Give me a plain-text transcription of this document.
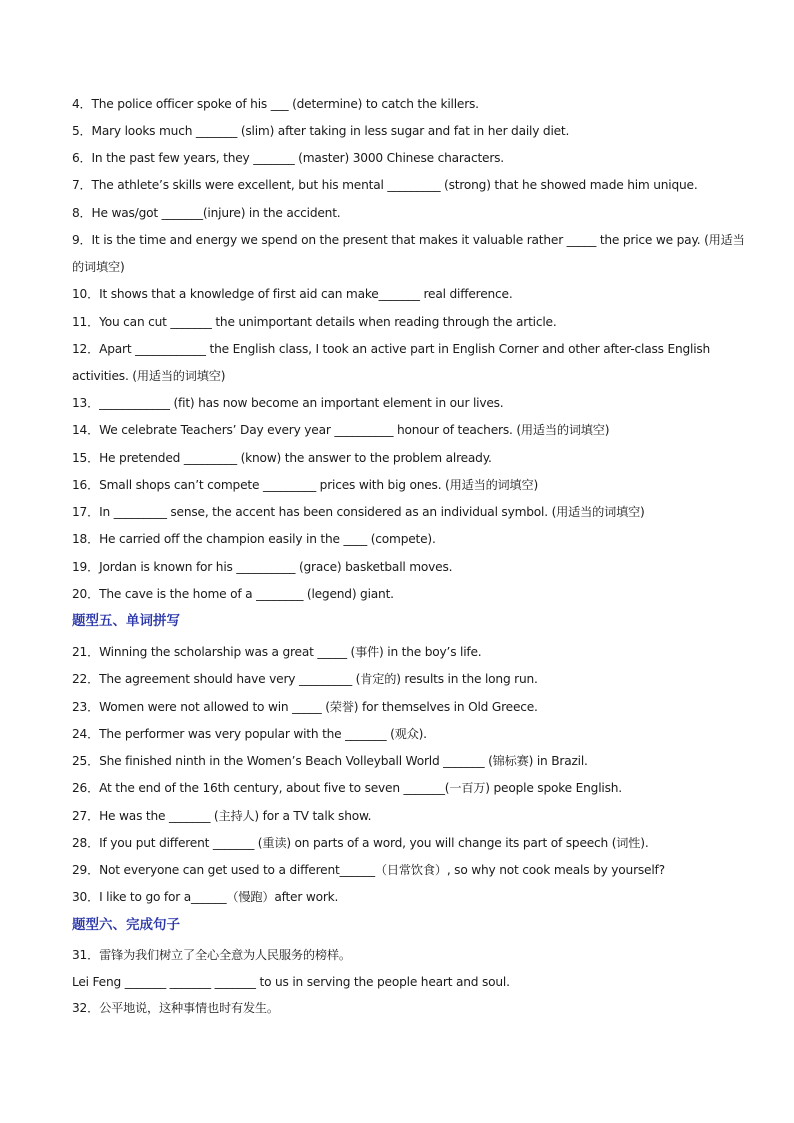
4．The police officer spoke of his ___ (determine) to catch the killers.
5．Mary looks much _______ (slim) after taking in less sugar and fat in her daily diet.
6．In the past few years, they _______ (master) 3000 Chinese characters.
7．The athlete’s skills were excellent, but his mental _________ (strong) that he showed made him unique.
8．He was/got _______(injure) in the accident.
9．It is the time and energy we spend on the present that makes it valuable rather _____ the price we pay. (用适当
的词填空)
10．It shows that a knowledge of first aid can make_______ real difference.
11．You can cut _______ the unimportant details when reading through the article.
12．Apart ____________ the English class, I took an active part in English Corner and other after-class English
activities. (用适当的词填空)
13．____________ (fit) has now become an important element in our lives.
14．We celebrate Teachers’ Day every year __________ honour of teachers. (用适当的词填空)
15．He pretended _________ (know) the answer to the problem already.
16．Small shops can’t compete _________ prices with big ones. (用适当的词填空)
17．In _________ sense, the accent has been considered as an individual symbol. (用适当的词填空)
18．He carried off the champion easily in the ____ (compete).
19．Jordan is known for his __________ (grace) basketball moves.
20．The cave is the home of a ________ (legend) giant.
题型五、单词拼写
21．Winning the scholarship was a great _____ (事件) in the boy’s life.
22．The agreement should have very _________ (肯定的) results in the long run.
23．Women were not allowed to win _____ (荣誉) for themselves in Old Greece.
24．The performer was very popular with the _______ (观众).
25．She finished ninth in the Women’s Beach Volleyball World _______ (锦标赛) in Brazil.
26．At the end of the 16th century, about five to seven _______(一百万) people spoke English.
27．He was the _______ (主持人) for a TV talk show.
28．If you put different _______ (重读) on parts of a word, you will change its part of speech (词性).
29．Not everyone can get used to a different______（日常饮食）, so why not cook meals by yourself?
30．I like to go for a______（慢跑）after work.
题型六、完成句子
31．雷锋为我们树立了全心全意为人民服务的榜样。
Lei Feng _______ _______ _______ to us in serving the people heart and soul.
32．公平地说，这种事情也时有发生。
